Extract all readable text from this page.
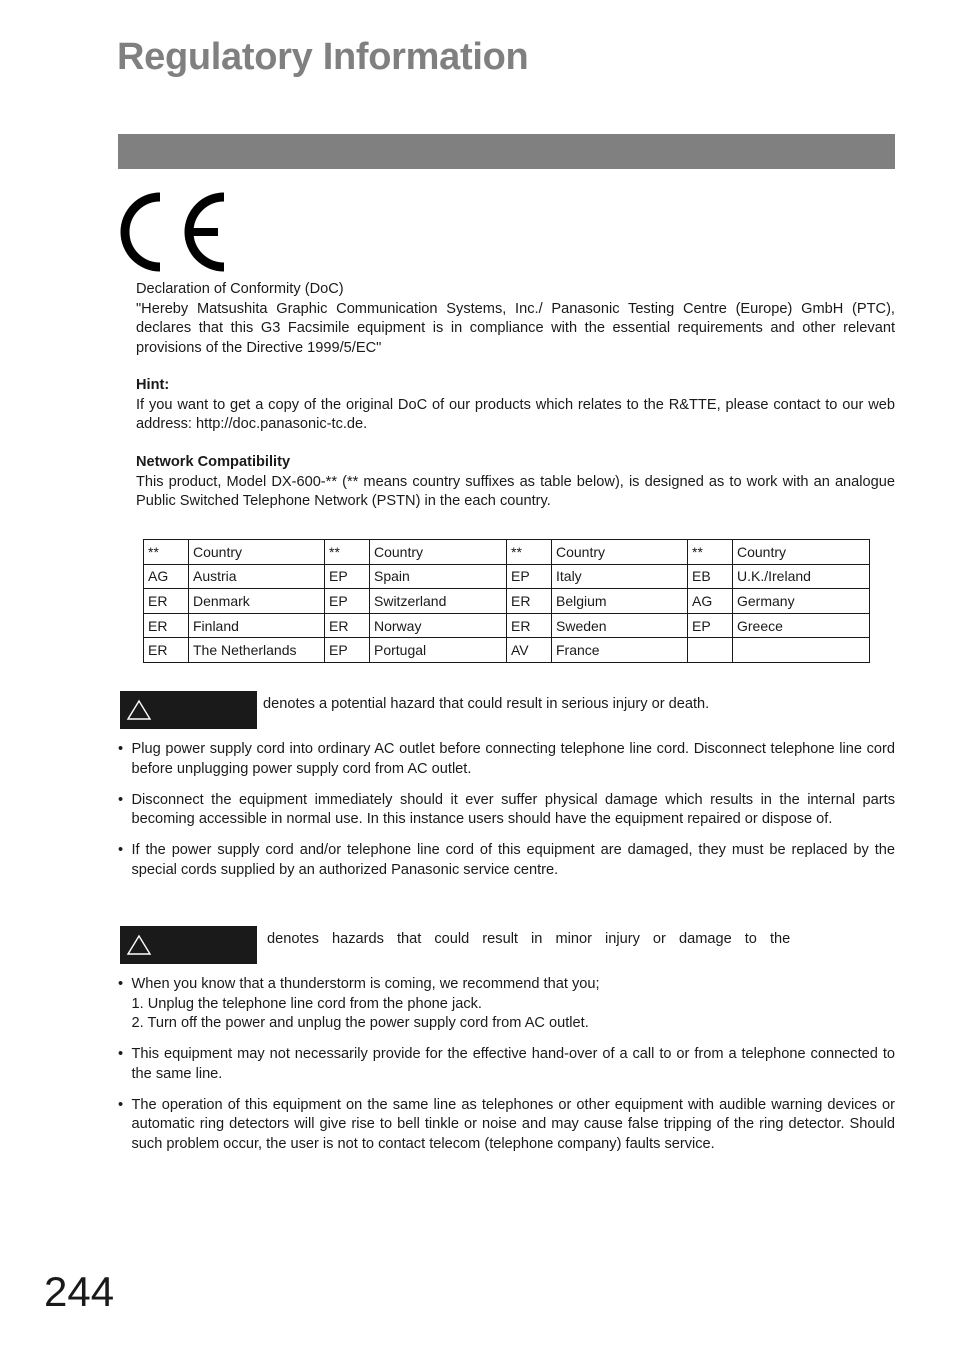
Regulatory Information

Declaration of Conformity (DoC)

"Hereby Matsushita Graphic Communication Systems, Inc./ Panasonic Testing Centre (Europe) GmbH (PTC), declares that this G3 Facsimile equipment is in compliance with the essential requirements and other relevant provisions of the Directive 1999/5/EC"

Hint:

If you want to get a copy of the original DoC of our products which relates to the R&TTE, please contact to our web address: http://doc.panasonic-tc.de.

Network Compatibility

This product, Model DX-600-** (** means country suffixes as table below), is designed as to work with an analogue Public Switched Telephone Network (PSTN) in the each country.

**	Country	**	Country	**	Country	**	Country
AG	Austria	EP	Spain	EP	Italy	EB	U.K./Ireland
ER	Denmark	EP	Switzerland	ER	Belgium	AG	Germany
ER	Finland	ER	Norway	ER	Sweden	EP	Greece
ER	The Netherlands	EP	Portugal	AV	France		

denotes a potential hazard that could result in serious injury or death.

• Plug power supply cord into ordinary AC outlet before connecting telephone line cord. Disconnect telephone line cord before unplugging power supply cord from AC outlet.
• Disconnect the equipment immediately should it ever suffer physical damage which results in the internal parts becoming accessible in normal use. In this instance users should have the equipment repaired or dispose of.
• If the power supply cord and/or telephone line cord of this equipment are damaged, they must be replaced by the special cords supplied by an authorized Panasonic service centre.

denotes hazards that could result in minor injury or damage to the

• When you know that a thunderstorm is coming, we recommend that you;
1. Unplug the telephone line cord from the phone jack.
2. Turn off the power and unplug the power supply cord from AC outlet.
• This equipment may not necessarily provide for the effective hand-over of a call to or from a telephone connected to the same line.
• The operation of this equipment on the same line as telephones or other equipment with audible warning devices or automatic ring detectors will give rise to bell tinkle or noise and may cause false tripping of the ring detector. Should such problem occur, the user is not to contact telecom (telephone company) faults service.

244
